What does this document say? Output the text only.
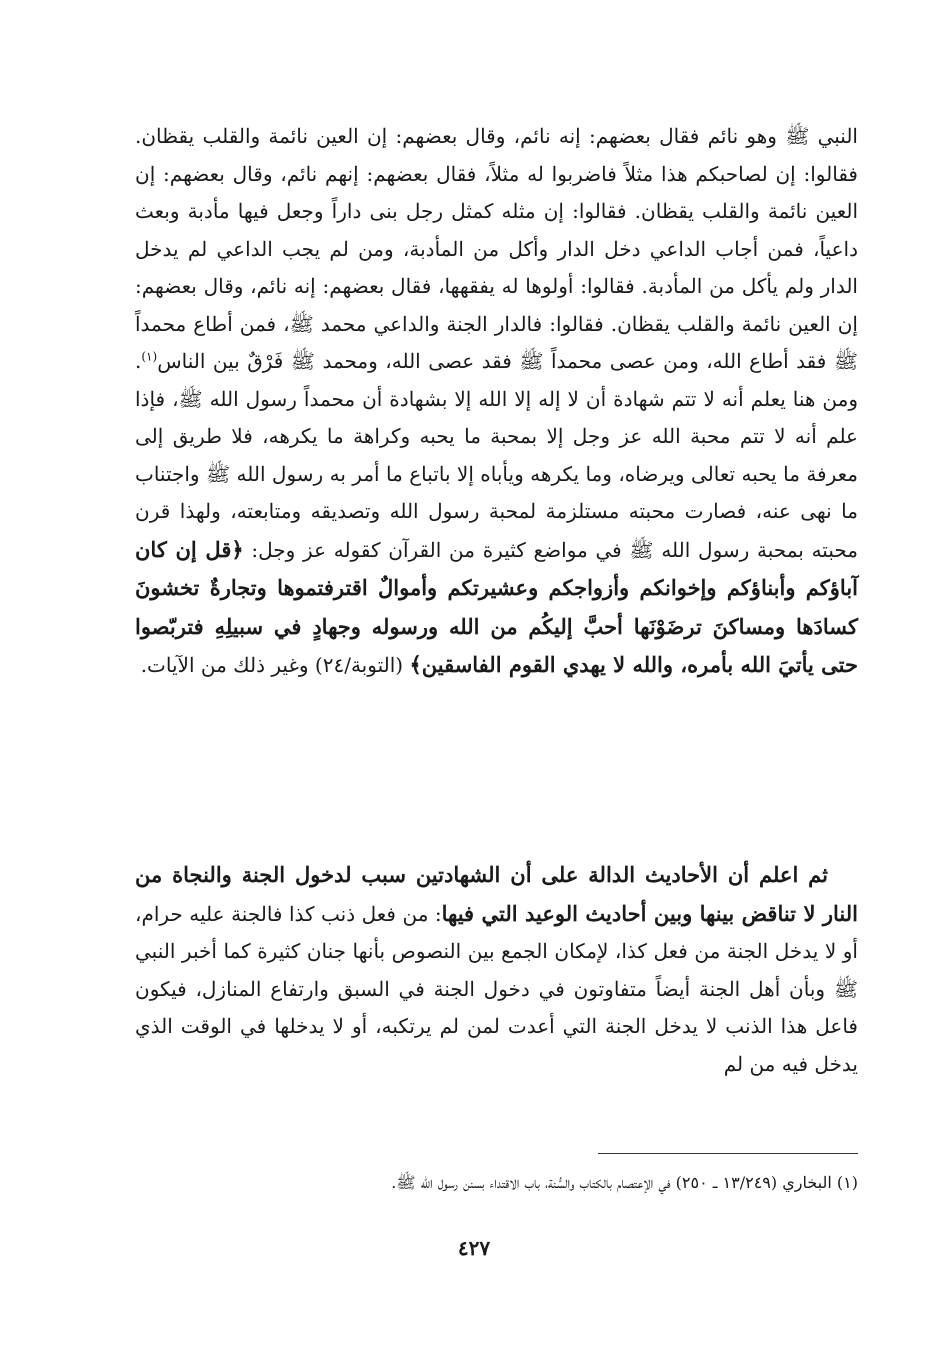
النبي ﷺ وهو نائم فقال بعضهم: إنه نائم، وقال بعضهم: إن العين نائمة والقلب يقظان. فقالوا: إن لصاحبكم هذا مثلاً فاضربوا له مثلاً، فقال بعضهم: إنهم نائم، وقال بعضهم: إن العين نائمة والقلب يقظان. فقالوا: إن مثله كمثل رجل بنى داراً وجعل فيها مأدبة وبعث داعياً، فمن أجاب الداعي دخل الدار وأكل من المأدبة، ومن لم يجب الداعي لم يدخل الدار ولم يأكل من المأدبة. فقالوا: أولوها له يفقهها، فقال بعضهم: إنه نائم، وقال بعضهم: إن العين نائمة والقلب يقظان. فقالوا: فالدار الجنة والداعي محمد ﷺ، فمن أطاع محمداً ﷺ فقد أطاع الله، ومن عصى محمداً ﷺ فقد عصى الله، ومحمد ﷺ فَرْقٌ بين الناس$^{(١)}$. ومن هنا يعلم أنه لا تتم شهادة أن لا إله إلا الله إلا بشهادة أن محمداً رسول الله ﷺ، فإذا علم أنه لا تتم محبة الله عز وجل إلا بمحبة ما يحبه وكراهة ما يكرهه، فلا طريق إلى معرفة ما يحبه تعالى ويرضاه، وما يكرهه ويأباه إلا باتباع ما أمر به رسول الله ﷺ واجتناب ما نهى عنه، فصارت محبته مستلزمة لمحبة رسول الله وتصديقه ومتابعته، ولهذا قرن محبته بمحبة رسول الله ﷺ في مواضع كثيرة من القرآن كقوله عز وجل: ﴿قل إن كان آباؤكم وأبناؤكم وإخوانكم وأزواجكم وعشيرتكم وأموالٌ اقترفتموها وتجارةٌ تخشونَ كسادَها ومساكنَ ترضَوْنَها أحبَّ إليكُم من الله ورسوله وجهادٍ في سبيلِهِ فتربّصوا حتى يأتيَ الله بأمره، والله لا يهدي القوم الفاسقين﴾ (التوبة/٢٤) وغير ذلك من الآيات.

ثم اعلم أن الأحاديث الدالة على أن الشهادتين سبب لدخول الجنة والنجاة من النار لا تناقض بينها وبين أحاديث الوعيد التي فيها: من فعل ذنب كذا فالجنة عليه حرام، أو لا يدخل الجنة من فعل كذا، لإمكان الجمع بين النصوص بأنها جنان كثيرة كما أخبر النبي ﷺ وبأن أهل الجنة أيضاً متفاوتون في دخول الجنة في السبق وارتفاع المنازل، فيكون فاعل هذا الذنب لا يدخل الجنة التي أعدت لمن لم يرتكبه، أو لا يدخلها في الوقت الذي يدخل فيه من لم

(١) البخاري (١٣/٢٤٩ ـ ٢٥٠) في الإعتصام بالكتاب والسُّنة، باب الاقتداء بسنن رسول الله ﷺ.

٤٢٧
